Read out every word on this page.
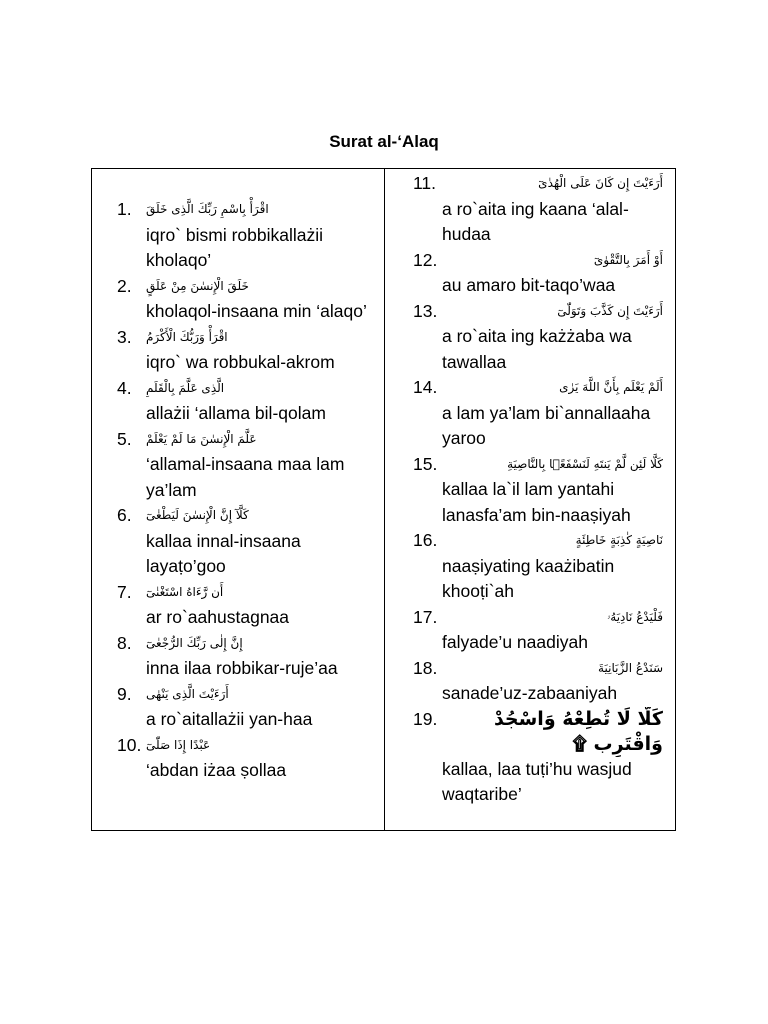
Surat al-‘Alaq
1. اقْرَأْ بِاسْمِ رَبِّكَ الَّذِى خَلَقَ
iqro` bismi robbikallażii kholaqo’
2. خَلَقَ الْإِنسٰنَ مِنْ عَلَقٍ
kholaqol-insaana min ‘alaqo’
3. اقْرَأْ وَرَبُّكَ الْأَكْرَمُ
iqro` wa robbukal-akrom
4. الَّذِى عَلَّمَ بِالْقَلَمِ
allażii ‘allama bil-qolam
5. عَلَّمَ الْإِنسٰنَ مَا لَمْ يَعْلَمْ
‘allamal-insaana maa lam ya’lam
6. كَلَّآ إِنَّ الْإِنسٰنَ لَيَطْغٰىٓ
kallaa innal-insaana layaṭo’goo
7. أَن رَّءَاهُ اسْتَغْنٰىٓ
ar ro`aahustagnaa
8. إِنَّ إِلٰى رَبِّكَ الرُّجْعٰىٓ
inna ilaa robbikar-ruje’aa
9. أَرَءَيْتَ الَّذِى يَنْهٰى
a ro`aitallażii yan-haa
10. عَبْدًا إِذَا صَلّٰىٓ
‘abdan iżaa ṣollaa
11.	أَرَءَيْتَ إِن كَانَ عَلَى الْهُدٰىٓ
a ro`aita ing kaana ‘alal-hudaa
12.	أَوْ أَمَرَ بِالتَّقْوٰىٓ
au amaro bit-taqo’waa
13.	أَرَءَيْتَ إِن كَذَّبَ وَتَوَلّٰىٓ
a ro`aita ing każżaba wa tawallaa
14.	أَلَمْ يَعْلَم بِأَنَّ اللَّهَ يَرٰى
a lam ya’lam bi`annallaaha yaroo
15.	كَلَّا لَئِن لَّمْ يَنتَهِ لَنَسْفَعًۢا بِالنَّاصِيَةِ
kallaa la`il lam yantahi lanasfa’am bin-naaṣiyah
16.	نَاصِيَةٍ كٰذِبَةٍ خَاطِئَةٍ
naaṣiyating kaażibatin khooṭi`ah
17.	فَلْيَدْعُ نَادِيَهُۥ
falyade’u naadiyah
18.	سَنَدْعُ الزَّبَانِيَةَ
sanade’uz-zabaaniyah
19.	كَلَّا لَا تُطِعْهُ وَاسْجُدْ وَاقْتَرِب ۩
kallaa, laa tuṭi’hu wasjud waqtaribe’
